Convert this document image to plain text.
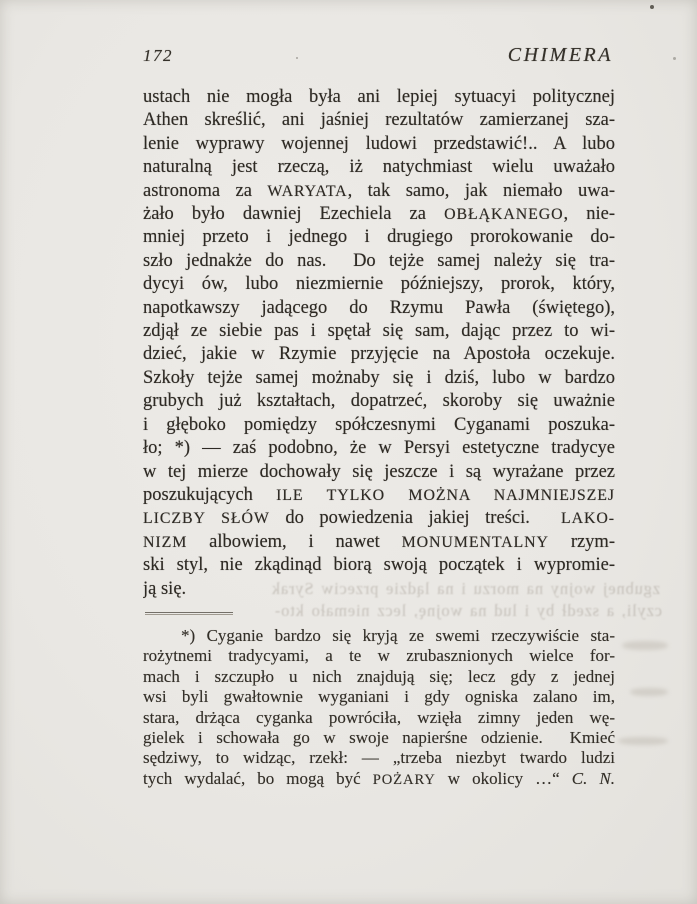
172	CHIMERA
zgubnej wojny na morzu i na lądzie przeciw Syrak
czyli, a szedł by i lud na wojnę, lecz niemało kto-
ustach nie mogła była ani lepiej sytuacyi politycznej
Athen skreślić, ani jaśniej rezultatów zamierzanej sza-
lenie wyprawy wojennej ludowi przedstawić!.. A lubo
naturalną jest rzeczą, iż natychmiast wielu uważało
astronoma za WARYATA, tak samo, jak niemało uwa-
żało było dawniej Ezechiela za OBŁĄKANEGO, nie-
mniej przeto i jednego i drugiego prorokowanie do-
szło jednakże do nas.  Do tejże samej należy się tra-
dycyi ów, lubo niezmiernie późniejszy, prorok, który,
napotkawszy jadącego do Rzymu Pawła (świętego),
zdjął ze siebie pas i spętał się sam, dając przez to wi-
dzieć, jakie w Rzymie przyjęcie na Apostoła oczekuje.
Szkoły tejże samej możnaby się i dziś, lubo w bardzo
grubych już kształtach, dopatrzeć, skoroby się uważnie
i głęboko pomiędzy spółczesnymi Cyganami poszuka-
ło; *) — zaś podobno, że w Persyi estetyczne tradycye
w tej mierze dochowały się jeszcze i są wyrażane przez
poszukujących ILE TYLKO MOŻNA NAJMNIEJSZEJ
LICZBY SŁÓW do powiedzenia jakiej treści.  LAKO-
NIZM albowiem, i nawet MONUMENTALNY rzym-
ski styl, nie zkądinąd biorą swoją początek i wypromie-
ją się.
*) Cyganie bardzo się kryją ze swemi rzeczywiście sta-
rożytnemi tradycyami, a te w zrubasznionych wielce for-
mach i szczupło u nich znajdują się; lecz gdy z jednej
wsi byli gwałtownie wyganiani i gdy ogniska zalano im,
stara, drżąca cyganka powróciła, wzięła zimny jeden wę-
gielek i schowała go w swoje napierśne odzienie.  Kmieć
sędziwy, to widząc, rzekł: — „trzeba niezbyt twardo ludzi
tych wydalać, bo mogą być POŻARY w okolicy …“ C. N.
